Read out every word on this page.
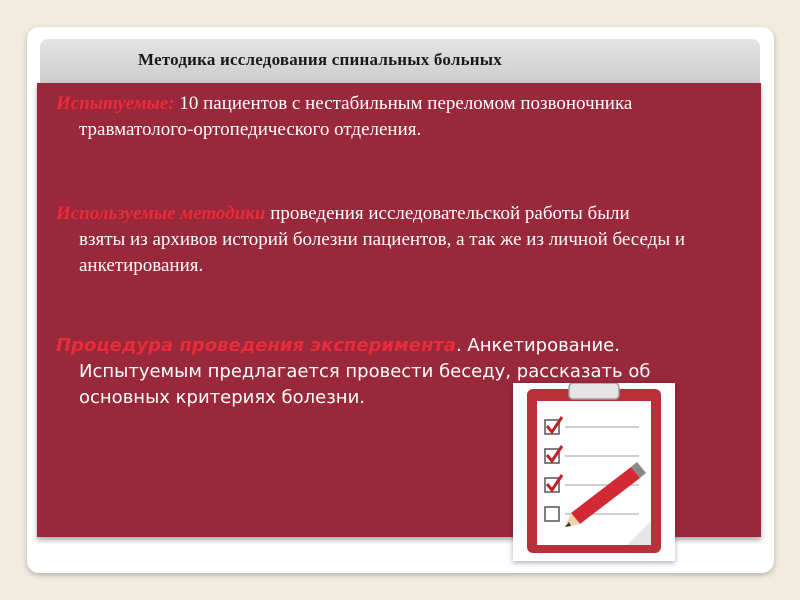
Методика исследования спинальных больных
Испытуемые: 10 пациентов с нестабильным переломом позвоночника
травматолого-ортопедического отделения.
Используемые методики проведения исследовательской работы были
взяты из архивов историй болезни пациентов, а так же из личной беседы и анкетирования.
Процедура проведения эксперимента. Анкетирование.
Испытуемым предлагается провести беседу, рассказать об основных критериях болезни.
